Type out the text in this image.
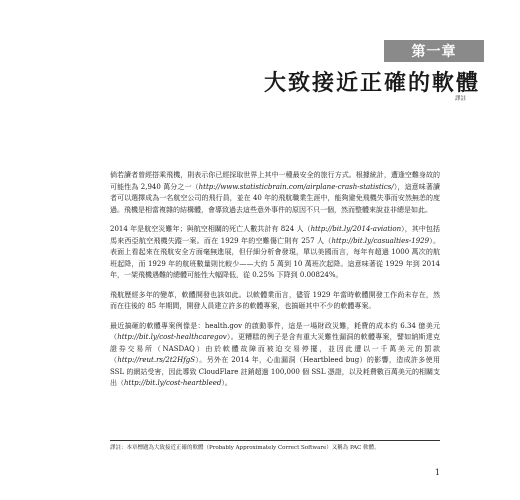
第一章
大致接近正確的軟體
譯註

倘若讀者曾經搭乘飛機，則表示你已經採取世界上其中一種最安全的旅行方式。根據統計，遭逢空難身故的可能性為 2,940 萬分之一（http://www.statisticbrain.com/airplane-crash-statistics/），這意味著讀者可以選擇成為一名航空公司的飛行員，並在 40 年的飛航職業生涯中，能夠避免飛機失事而安然無恙的度過。飛機是相當複雜的結構體，會導致過去這些意外事件的原因不只一個，然而整體來說並非總是如此。

2014 年是航空災難年；與航空相關的死亡人數共計有 824 人（http://bit.ly/2014-aviation），其中包括馬來西亞航空飛機失蹤一案。而在 1929 年的空難傷亡則有 257 人（http://bit.ly/casualties-1929）。表面上看起來在飛航安全方面毫無進展，但仔細分析會發現，單以美國而言，每年有超過 1000 萬次的航班起降，而 1929 年的航班數量則比較少——大約 5 萬到 10 萬班次起降。這意味著從 1929 年到 2014 年，一架飛機遇難的總體可能性大幅降低，從 0.25% 下降到 0.00824%。

飛航歷經多年的變革，軟體開發也該如此。以軟體業而言，儘管 1929 年當時軟體開發工作尚未存在，然而在往後的 85 年期間，開發人員建立許多的軟體專案，也搞砸其中不少的軟體專案。

最近搞砸的軟體專案例像是：health.gov 的啟動事件，這是一場財政災難，耗費的成本約 6.34 億美元（http://bit.ly/cost-healthcaregov）。更糟糕的例子是含有重大災難性漏洞的軟體專案，譬如納斯達克證券交易所（NASDAQ）由於軟體故障而被迫交易停擺，並因此遭以一千萬美元的罰款（http://reut.rs/2t2HfgS）。另外在 2014 年，心血漏洞（Heartbleed bug）的影響，造成許多使用 SSL 的網站受害，因此導致 CloudFlare 註銷超過 100,000 個 SSL 憑證，以及耗費數百萬美元的相關支出（http://bit.ly/cost-heartbleed）。

譯註：本章標題為大致接近正確的軟體（Probably Approximately Correct Software）又稱為 PAC 軟體。
1
